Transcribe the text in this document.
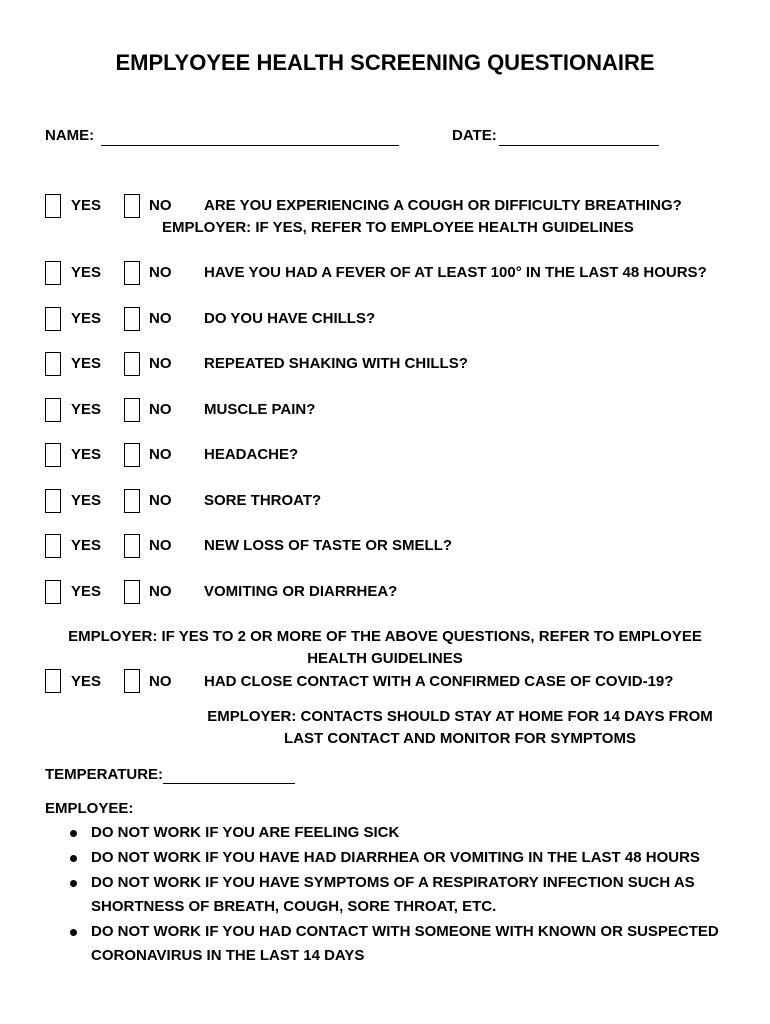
EMPLYOYEE HEALTH SCREENING QUESTIONAIRE
NAME:	DATE:
YES	NO ARE YOU EXPERIENCING A COUGH OR DIFFICULTY BREATHING?
EMPLOYER: IF YES, REFER TO EMPLOYEE HEALTH GUIDELINES
YES	NO HAVE YOU HAD A FEVER OF AT LEAST 100° IN THE LAST 48 HOURS?
YES	NO DO YOU HAVE CHILLS?
YES	NO REPEATED SHAKING WITH CHILLS?
YES	NO MUSCLE PAIN?
YES	NO HEADACHE?
YES	NO SORE THROAT?
YES	NO NEW LOSS OF TASTE OR SMELL?
YES	NO VOMITING OR DIARRHEA?
EMPLOYER: IF YES TO 2 OR MORE OF THE ABOVE QUESTIONS, REFER TO EMPLOYEE
HEALTH GUIDELINES
YES	NO HAD CLOSE CONTACT WITH A CONFIRMED CASE OF COVID-19?
EMPLOYER: CONTACTS SHOULD STAY AT HOME FOR 14 DAYS FROM
LAST CONTACT AND MONITOR FOR SYMPTOMS
TEMPERATURE:
EMPLOYEE:
DO NOT WORK IF YOU ARE FEELING SICK
DO NOT WORK IF YOU HAVE HAD DIARRHEA OR VOMITING IN THE LAST 48 HOURS
DO NOT WORK IF YOU HAVE SYMPTOMS OF A RESPIRATORY INFECTION SUCH AS
SHORTNESS OF BREATH, COUGH, SORE THROAT, ETC.
DO NOT WORK IF YOU HAD CONTACT WITH SOMEONE WITH KNOWN OR SUSPECTED
CORONAVIRUS IN THE LAST 14 DAYS
